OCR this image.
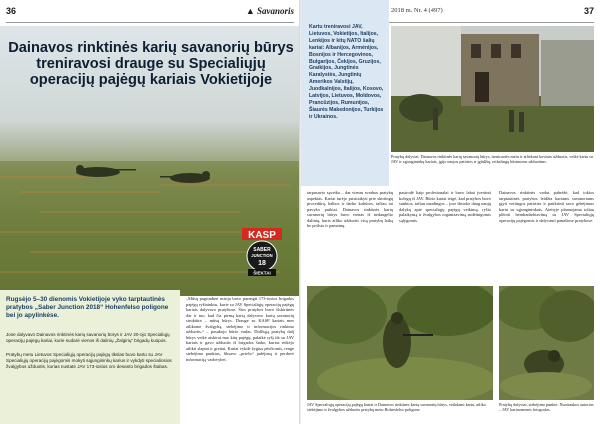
36	▲ Savanoris
Dainavos rinktinės karių savanorių būrys treniravosi drauge su Specialiųjų operacijų pajėgų kariais Vokietijoje
KASP
SABER
JUNCTION
18
ŠIEKTAI

Rugsėjo 5–30 dienomis Vokietijoje vyko tarptautinės pratybos „Saber Junction 2018“ Hohenfelso poligone bei jo apylinkėse.

Jose dalyvavo Dainavos rinktinės karių savanorių būrys ir JAV 20-ojo Specialiųjų operacijų pajėgų kariai, kurie sudarė vienos iš dalinių „Žalgirių“ brigadų kuopos.

Pratybų metu Lietuvos Specialiųjų operacijų pajėgų tikslas buvo kartu su JAV Specialiųjų operacijų pajėgomis mokyti sąjungininkų karius ir vykdyti specialiosios žvalgybos užduotis, kurias nustatė JAV 173-iosios oro desanto brigados štabas.

„Mūsų pagrindinė misija buvo parengti 173-iosios brigados pajėgų ryšininkus, kurie su JAV Specialiųjų operacijų pajėgų kariais dalyvavo pratybose. Šios pratybos buvo išskirtinės dar ir tuo, kad čia pirmą kartą dalyvavo karių savanorių struktūra – mūsų būrys. Drauge su KASP kariais mes atlikome žvalgybą, stebėjimo ir informacijos rinkimo užduotis,“ – pasakojo būrio vadas. Didžiąją pratybų dalį būrys veikė atskirai nuo kitų pajėgų, palaikė ryšį tik su JAV kariais ir gavo užduotis iš brigados štabo, kurias reikėjo atlikti slaptai ir greitai. Kariai vykdė žygius pėsčiomis, rengė stebėjimo punktus, fiksavo „priešo“ judėjimą ir perdavė informaciją vadovybei.

Kartu treniravosi JAV, Lietuvos, Vokietijos, Italijos, Lenkijos ir kitų NATO šalių kariai: Albanijos, Armėnijos, Bosnijos ir Hercegovinos, Bulgarijos, Čekijos, Gruzijos, Graikijos, Jungtinės Karalystės, Jungtinių Amerikos Valstijų, Juodkalnijos, Italijos, Kosovo, Latvijos, Lietuvos, Moldovos, Prancūzijos, Rumunijos, Šiaurės Makedonijos, Turkijos ir Ukrainos.

2018 m. Nr. 4 (497)	37

Pratybų dalyviai. Dainavos rinktinės karių savanorių būrys, treniruotės metu ir atliekant kovines užduotis, veikė kartu su JAV ir sąjungininkų kariais, įgijo naujos patirties ir įgūdžių, reikalingų būsimoms užduotims.

tarpusavio sąveika – dar vienas svarbus pratybų aspektas. Kariai turėjo prisitaikyti prie skirtingų procedūrų, kalbos ir darbo kultūros, tačiau tai pavyko puikiai. Dainavos rinktinės karių savanorių būrys buvo vienas iš nedaugelio dalinių, kuris atliko užduotis visą pratybų laiką be poilsio ir pamainų.

pasirodė kaip profesionalai ir buvo labai įvertinti kolegų iš JAV. Būrio kariai teigė, kad pratybos buvo sunkios, tačiau naudingos – jose išmoko daug naujų dalykų apie specialiųjų pajėgų veikimą, ryšio palaikymą ir žvalgybos organizavimą sudėtingomis sąlygomis.

Dainavos rinktinės vadas pabrėžė, kad tokios tarptautinės pratybos leidžia kariams savanoriams įgyti vertingos patirties ir patikrinti savo gebėjimus kartu su sąjungininkais. Ateityje planuojama toliau plėtoti bendradarbiavimą su JAV Specialiųjų operacijų pajėgomis ir dalyvauti panašiose pratybose.

JAV Specialiųjų operacijų pajėgų kariai ir Dainavos rinktinės karių savanorių būrys, veikdami kartu, atliko stebėjimo ir žvalgybos užduotis pratybų metu Hohenfelso poligone.

Pratybų dalyviai, stebėjimo punkte. Nuotraukos autorius – JAV kariuomenės fotografas.
